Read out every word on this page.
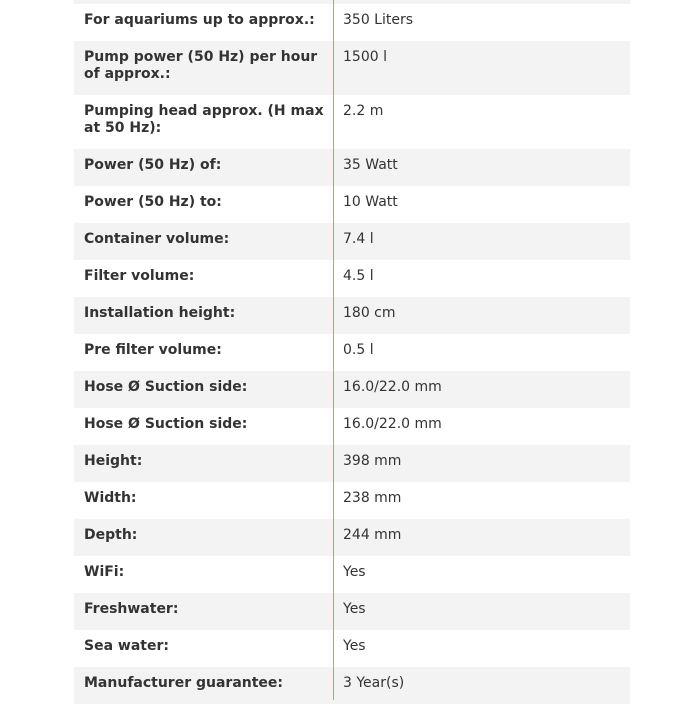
For aquariums up to approx.:	350 Liters
Pump power (50 Hz) per hour of approx.:	1500 l
Pumping head approx. (H max at 50 Hz):	2.2 m
Power (50 Hz) of:	35 Watt
Power (50 Hz) to:	10 Watt
Container volume:	7.4 l
Filter volume:	4.5 l
Installation height:	180 cm
Pre filter volume:	0.5 l
Hose Ø Suction side:	16.0/22.0 mm
Hose Ø Suction side:	16.0/22.0 mm
Height:	398 mm
Width:	238 mm
Depth:	244 mm
WiFi:	Yes
Freshwater:	Yes
Sea water:	Yes
Manufacturer guarantee:	3 Year(s)
